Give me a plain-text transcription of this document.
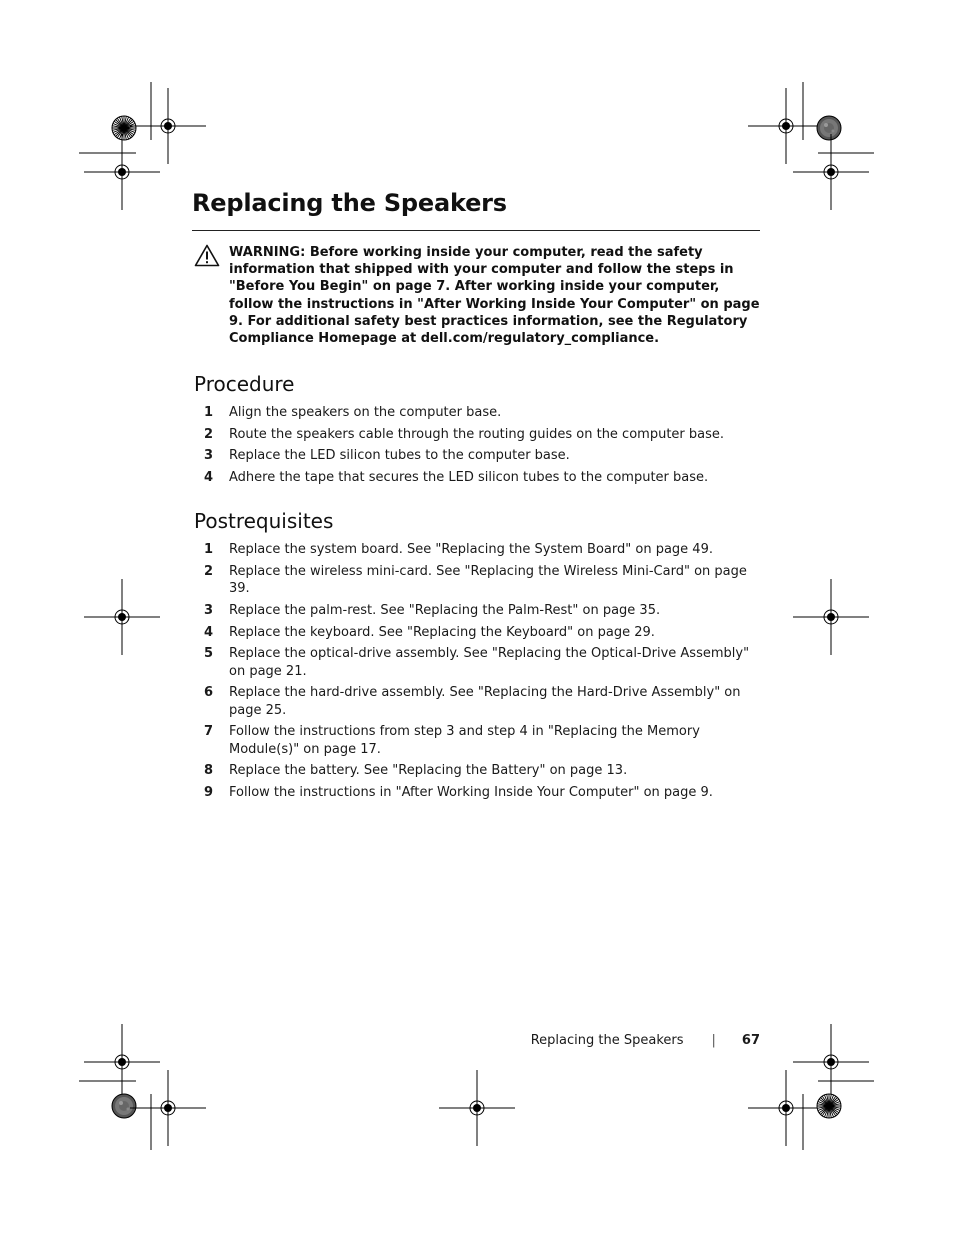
Replacing the Speakers
WARNING: Before working inside your computer, read the safety information that shipped with your computer and follow the steps in "Before You Begin" on page 7. After working inside your computer, follow the instructions in "After Working Inside Your Computer" on page 9. For additional safety best practices information, see the Regulatory Compliance Homepage at dell.com/regulatory_compliance.
Procedure
1 Align the speakers on the computer base.
2 Route the speakers cable through the routing guides on the computer base.
3 Replace the LED silicon tubes to the computer base.
4 Adhere the tape that secures the LED silicon tubes to the computer base.
Postrequisites
1 Replace the system board. See "Replacing the System Board" on page 49.
2 Replace the wireless mini-card. See "Replacing the Wireless Mini-Card" on page 39.
3 Replace the palm-rest. See "Replacing the Palm-Rest" on page 35.
4 Replace the keyboard. See "Replacing the Keyboard" on page 29.
5 Replace the optical-drive assembly. See "Replacing the Optical-Drive Assembly" on page 21.
6 Replace the hard-drive assembly. See "Replacing the Hard-Drive Assembly" on page 25.
7 Follow the instructions from step 3 and step 4 in "Replacing the Memory Module(s)" on page 17.
8 Replace the battery. See "Replacing the Battery" on page 13.
9 Follow the instructions in "After Working Inside Your Computer" on page 9.
Replacing the Speakers | 67
